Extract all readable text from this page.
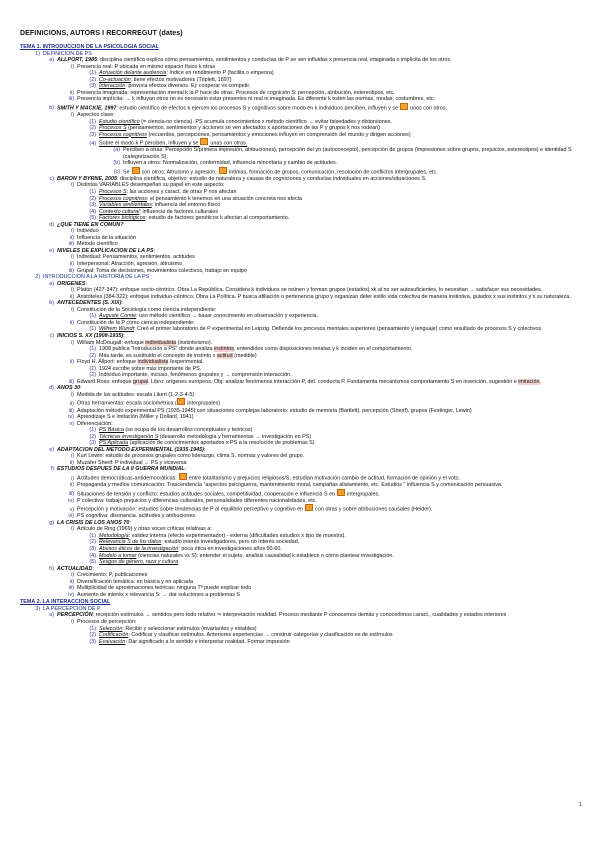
DEFINICIONS, AUTORS I RECORREGUT (dates)
TEMA 1. INTRODUCCIÓN DE LA PSICOLOGÍA SOCIAL
1) DEFINICIÓN DE PS
a) ALLPORT, 1985: disciplina científica explica cómo pensamientos, sentimientos y conductas de P se ven influidas x presencia real, imaginada o implícita de los otros.
i) Presencia real: P ubicada en mismo espacio físico k otras
(1) Actuación delante audiencia: índice en rendimiento P (facilita o empeora)
(2) Co-actuación: tiene efectos motivadores (Triplett, 1897)
(3) Interacción: provoca efectos diversos. Ej: cooperar vs competir.
ii) Presencia imaginada: representación mental k la P hace de otras. Procesos de cognición S: percepción, atribución, estereotipos, etc.
iii) Presencia implícita: → k influyan otros no es necesario estar presentes ni real ni imaginada. Es diferente k esten las normas, modas, costumbres, etc.
b) SMITH Y MACKIE, 1997: estudio científico de efectos k ejercen los procesos S y cognitivos sobre modo en k individuos perciben, influyen y se  unos con otros.
i) Aspectos clave:
(1) Estudio científico (= ciencia-no ciencia). PS acumula conocimientos x método científico → evitar falsedades y distorsiones.
(2) Procesos S (pensamientos, sentimientos y acciones se ven afectados x aportaciones de las P y grupos k nos rodean)
(3) Procesos cognitivos (recuerdos, percepciones, pensamientos y emociones influyen en comprensión del mundo y dirigen acciones)
(4) Sobre el modo k P perciben, influyen y se  unas con otras.
(a) Perciben a otras: Percepción S/primera impresión, atribuciones), percepción del yo (autoconcepto), percepción de grupos (impresiones sobre grupos, prejuicios, estereotipos) e identidad S (categorización S).
(b) Influyen a otros: Normalización, conformidad, influencia minoritaria y cambio de actitudes.
(c) Se  con otros: Altruismo y agresión,  íntimas, formación de grupos, comunicación, resolución de conflictos intergrupales, etc.
c) BARON Y BYRNE, 2005: disciplina científica, objetivo: estudio de naturaleza y causas de cogniciones y conductas individuales en acciones/situaciones S.
i) Distintas VARIABLES desempeñan su papel en este aspecto:
(1) Procesos S: las acciones y caract. de otras P nos afectan
(2) Procesos cognitivos: el pensamiento k tenemos en una situación concreta nos afecta
(3) Variables ambientales: influencia del entorno físico
(4) Contexto cultural: influencia de factores culturales
(5) Factores biológicos: estudio de factores genéticos k afectan al comportamiento.
d) ¿QUÉ TIENE EN COMÚN?
i) Individuo
ii) Influencia de la situación
iii) Método científico
e) NIVELES DE EXPLICACIÓN DE LA PS:
i) Individual: Pensamientos, sentimientos, actitudes
ii) Interpersonal: Atracción, agresión, altruismo
iii) Grupal: Toma de decisiones, movimientos colectivos, trabajo en equipo
2) INTRODUCCIÓN A LA HISTORIA DE LA PS
a) ORIGENES:
i) Platón (427-347): enfoque socio-céntrico. Obra La República. Considera k individuos se reúnen y forman grupos (estados) xk al no ser autosuficientes, lo necesitan → satisfacer sus necesidades.
ii) Aristóteles (384-322): enfoque individuo-céntrico. Obra La Política. P busca afiliación o pertenencia grupo y organizan deter estilo vida colectiva de manera instintiva, guiados x sus instintos y x su naturaleza.
b) ANTECEDENTES (S. XIX):
i) Constitución de la Sociología como ciencia independiente:
(1) Auguste Comte: uso método científico → basar conocimiento en observación y experiencia.
ii) Constitución de la P como ciencia independiente:
(1) Wilhem Wundt: Creó el primer laboratorio de P experimental en Leipzig. Defiende los procesos mentales superiores (pensamiento y lenguaje) como resultado de procesos S y colectivos.
c) INICIOS S. XX (1908-1935):
i) William McDougall: enfoque individualista (instintivismo).
(1) 1908 publica "Introducción a PS" donde analiza instintos, entendidos como disposiciones innatas y k inciden en el comportamiento.
(2) Más tarde, es sustituido el concepto de instinto x actitud (medible)
ii) Floyd H. Allport: enfoque individualista /experimental.
(1) 1924 escribe sobre más importante de PS.
(2) Individuo importante, incluso, fenómenos grupales y → comprensión interacción.
iii) Edward Ross: enfoque grupal. Libro: orígenes europeos. Obj: analizar fenómenos interacción P, det. conducta P. Fundamenta mecanismos comportamiento S en invención, sugestión e imitación.
d) AÑOS 30:
i) Medida de las actitudes: escala Likert (1-2-3-4-5)
ii) Otras herramientas: escala sociométrica ( intergrupales)
iii) Adaptación método experimental PS (1935-1945) con situaciones complejas laboratorio: estudio de memoria (Bartlett), percepción (Sherif), grupos (Festinger, Lewin)
iv) Aprendizaje S e imitación (Miller y Dollard, 1941)
v) Diferenciación:
(1) PS Básica (se ocupa de los desarrollos conceptuales y teóricos)
(2) Técnicas investigación S (desarrollo metodología y herramientas → investigación en PS)
(3) PS Aplicada (aplicación de conocimientos aportados x PS a la resolución de problemas S)
e) ADAPTACIÓN DEL MÉTODO EXPERIMENTAL (1935-1945):
i) Kurt Lewin: estudio de procesos grupales como liderazgo, clima S, normas y valores del grupo.
ii) Muzafer Sherif: P individual → PS y viceversa
f) ESTUDIOS DESPUÉS DE LA II GUERRA MUNDIAL:
i) Actitudes democráticas-antidemocráticas:  entre totalitarismo y prejuicios religiosos/S, estudian motivación cambio de actitud, formación de opinión y el voto.
ii) Propaganda y medios comunicación: Trascendencia "aspectos psicoguerra, mantenimiento moral, campañas alistamiento, etc. Estudios " influencia S y comunicación persuasiva.
iii) Situaciones de tensión y conflicto: estudios actitudes sociales, competitividad, cooperación e influencia S en  intergrupales.
iv) P colectiva: trabajo prejuicios y diferencias culturales, personalidades diferentes nacionalidades, etc.
v) Percepción y motivación: estudios sobre tendencias de P al equilibrio perceptivo y cognitivo en  con otras y sobre atribuciones causales (Heider).
vi) PS cognitiva: disonancia. actitudes y atribuciones.
g) LA CRISIS DE LOS AÑOS 70:
i) Artículo de Ring (1969) y otras voces críticas relativas a:
(1) Metodología: validez interna (efecto experimentador) - externa (dificultades estudios x tipo de muestra).
(2) Relevancia S de los datos: estudio interés investigadores, pero no interés sociedad.
(3) Abusos éticos de la investigación: poca ética en investigaciones años 50-60.
(4) Modelo a tomar (ciencias naturales vs S): entender el sujeto, analisis causalidad k establece o cómo plantear investigación.
(5) Sesgos de género, raza y cultura
h) ACTUALIDAD:
i) Crecimiento: P, publicaciones
ii) Diversificación temática: en básica y en aplicada
iii) Multiplicidad de aproximaciones teóricas: ninguna Tª puede explicar todo
iv) Aumento de interés x relevancia S: → dar soluciones a problemas S
TEMA 2. LA INTERACCIÓN SOCIAL
3) LA PERCEPCIÓN DE P
a) PERCEPCIÓN: recepción estímulos → sentidos pero todo relativo ⇒ interpretación realidad. Proceso mediante P conocemos demás y conocerlimos caract., cualidades y estados interiores
i) Procesos de percepción:
(1) Selección: Recibir y seleccionar estímulos (invariantes y estables)
(2) Codificación: Codificar y clasificar estímulos. Anteriores experiencias → construir categorías y clasificación es de estímulos
(3) Evaluación: Dar significado a lo sentido e interpretar realidad. Formar impresión
1
